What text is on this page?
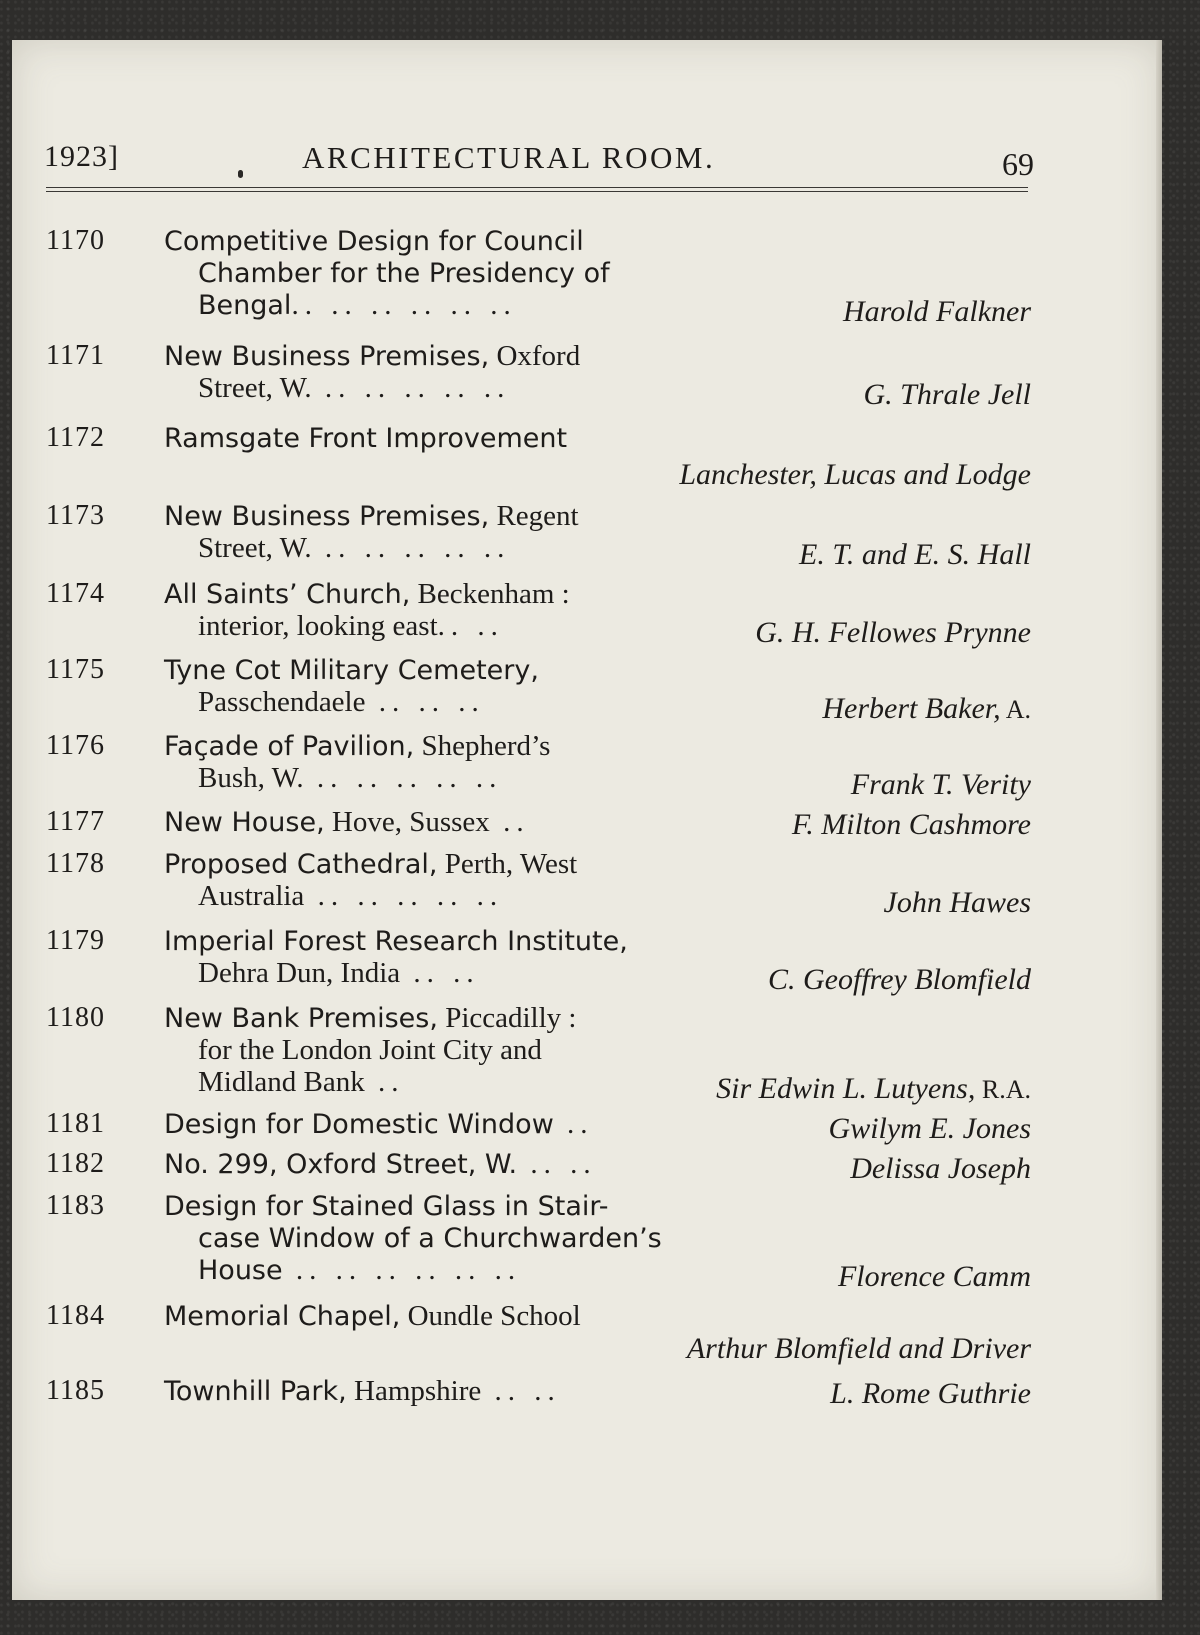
1923]	ARCHITECTURAL ROOM.	69
1170 Competitive Design for Council
Chamber for the Presidency of
Bengal.. .. .. .. .. ..	Harold Falkner
1171 New Business Premises, Oxford
Street, W. .. .. .. .. ..	G. Thrale Jell
1172 Ramsgate Front Improvement
Lanchester, Lucas and Lodge
1173 New Business Premises, Regent
Street, W. .. .. .. .. ..	E. T. and E. S. Hall
1174 All Saints’ Church, Beckenham :
interior, looking east.. ..	G. H. Fellowes Prynne
1175 Tyne Cot Military Cemetery,
Passchendaele .. .. ..	Herbert Baker, A.
1176 Façade of Pavilion, Shepherd’s
Bush, W. .. .. .. .. ..	Frank T. Verity
1177 New House, Hove, Sussex ..	F. Milton Cashmore
1178 Proposed Cathedral, Perth, West
Australia .. .. .. .. ..	John Hawes
1179 Imperial Forest Research Institute,
Dehra Dun, India .. ..	C. Geoffrey Blomfield
1180 New Bank Premises, Piccadilly :
for the London Joint City and
Midland Bank ..	Sir Edwin L. Lutyens, R.A.
1181 Design for Domestic Window ..	Gwilym E. Jones
1182 No. 299, Oxford Street, W. .. ..	Delissa Joseph
1183 Design for Stained Glass in Stair-
case Window of a Churchwarden’s
House .. .. .. .. .. ..	Florence Camm
1184 Memorial Chapel, Oundle School
Arthur Blomfield and Driver
1185 Townhill Park, Hampshire .. ..	L. Rome Guthrie
